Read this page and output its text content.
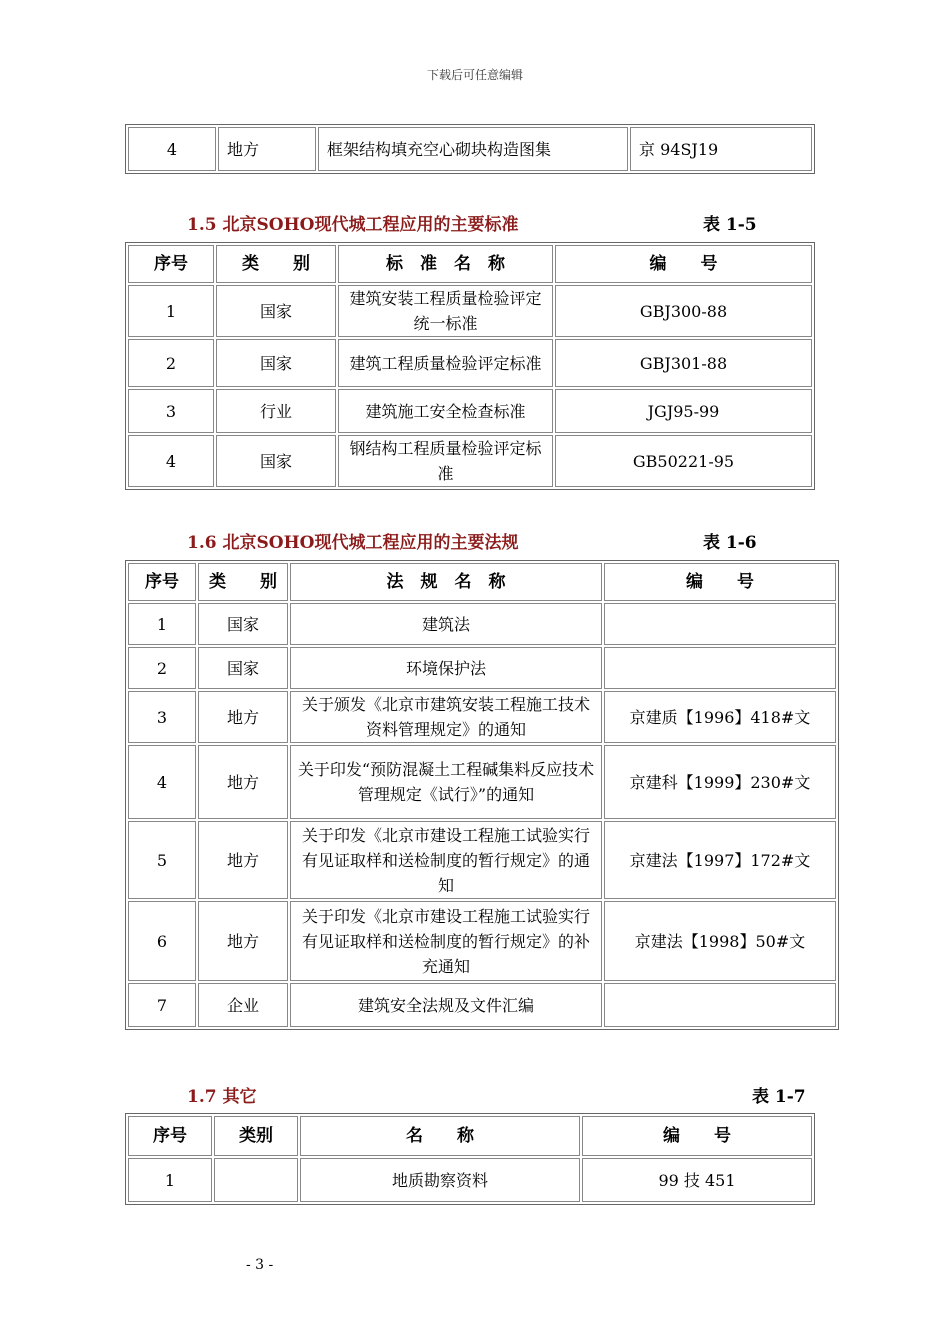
下载后可任意编辑
4	地方	框架结构填充空心砌块构造图集	京 94SJ19
1.5 北京SOHO现代城工程应用的主要标准	表 1-5
序号	类　　别	标　准　名　称	编　　号
1	国家	建筑安装工程质量检验评定统一标准	GBJ300-88
2	国家	建筑工程质量检验评定标准	GBJ301-88
3	行业	建筑施工安全检查标准	JGJ95-99
4	国家	钢结构工程质量检验评定标准	GB50221-95
1.6 北京SOHO现代城工程应用的主要法规	表 1-6
序号	类　　别	法　规　名　称	编　　号
1	国家	建筑法	
2	国家	环境保护法	
3	地方	关于颁发《北京市建筑安装工程施工技术资料管理规定》的通知	京建质【1996】418#文
4	地方	关于印发“预防混凝土工程碱集料反应技术管理规定《试行》”的通知	京建科【1999】230#文
5	地方	关于印发《北京市建设工程施工试验实行有见证取样和送检制度的暂行规定》的通知	京建法【1997】172#文
6	地方	关于印发《北京市建设工程施工试验实行有见证取样和送检制度的暂行规定》的补充通知	京建法【1998】50#文
7	企业	建筑安全法规及文件汇编	
1.7 其它	表 1-7
序号	类别	名　　称	编　　号
1		地质勘察资料	99 技 451
- 3 -
